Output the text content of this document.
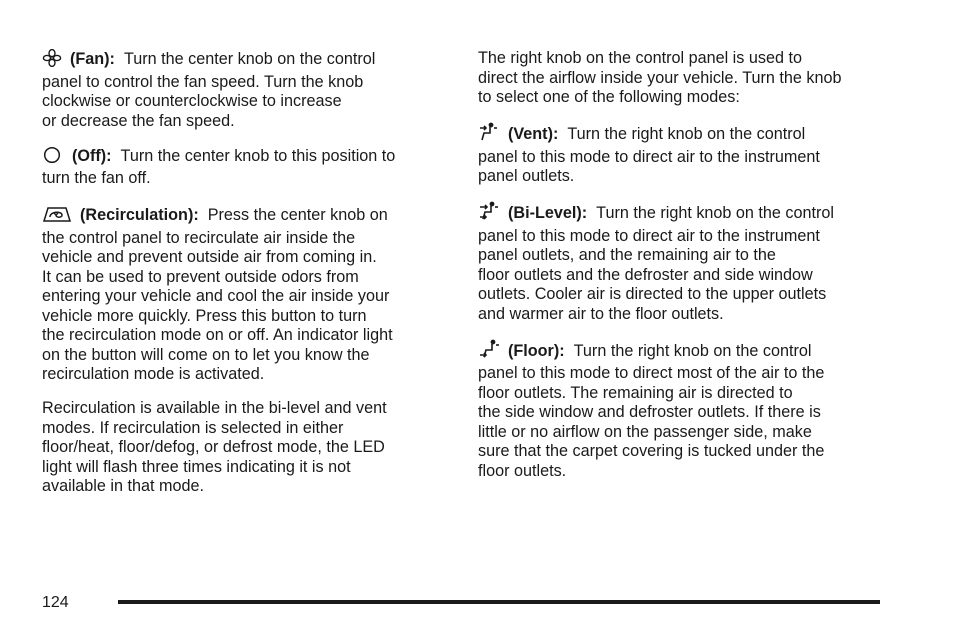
(Fan): Turn the center knob on the control
panel to control the fan speed. Turn the knob
clockwise or counterclockwise to increase
or decrease the fan speed.
(Off): Turn the center knob to this position to
turn the fan off.
(Recirculation): Press the center knob on
the control panel to recirculate air inside the
vehicle and prevent outside air from coming in.
It can be used to prevent outside odors from
entering your vehicle and cool the air inside your
vehicle more quickly. Press this button to turn
the recirculation mode on or off. An indicator light
on the button will come on to let you know the
recirculation mode is activated.
Recirculation is available in the bi-level and vent
modes. If recirculation is selected in either
floor/heat, floor/defog, or defrost mode, the LED
light will flash three times indicating it is not
available in that mode.
The right knob on the control panel is used to
direct the airflow inside your vehicle. Turn the knob
to select one of the following modes:
(Vent): Turn the right knob on the control
panel to this mode to direct air to the instrument
panel outlets.
(Bi-Level): Turn the right knob on the control
panel to this mode to direct air to the instrument
panel outlets, and the remaining air to the
floor outlets and the defroster and side window
outlets. Cooler air is directed to the upper outlets
and warmer air to the floor outlets.
(Floor): Turn the right knob on the control
panel to this mode to direct most of the air to the
floor outlets. The remaining air is directed to
the side window and defroster outlets. If there is
little or no airflow on the passenger side, make
sure that the carpet covering is tucked under the
floor outlets.
124
